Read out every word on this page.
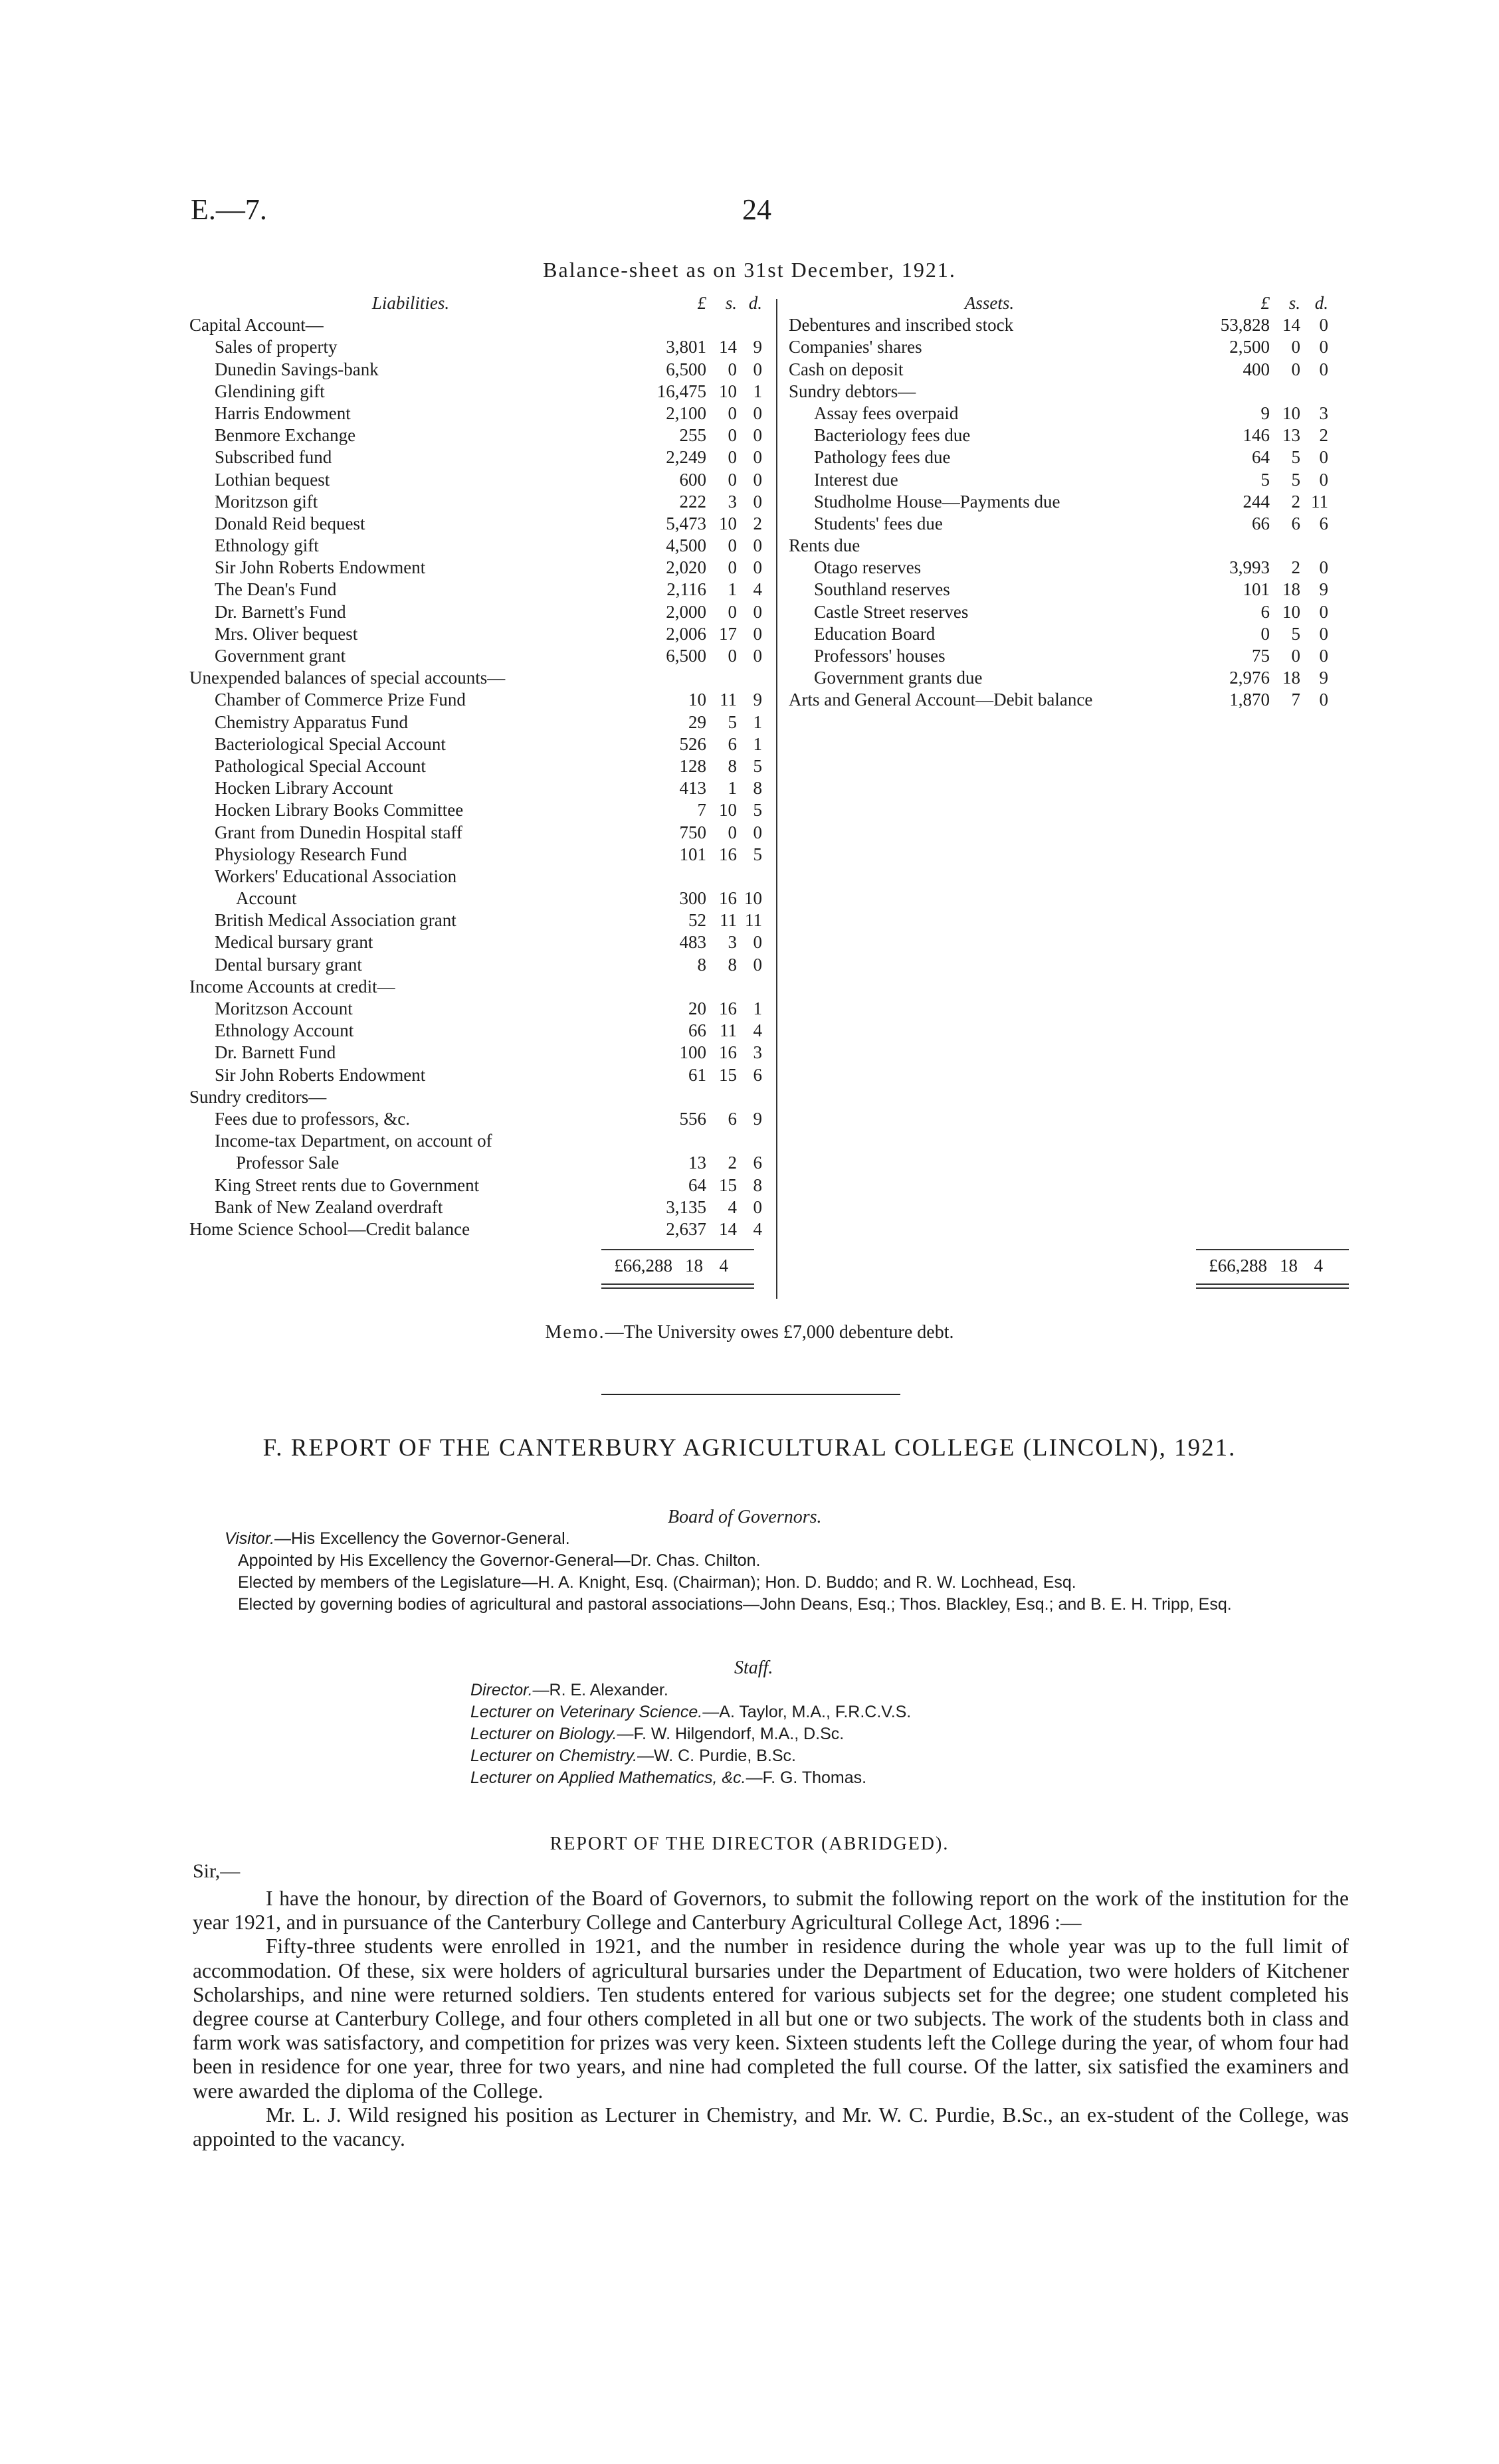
E.—7.	24
Balance-sheet as on 31st December, 1921.
Liabilities.	£	s. d.
Capital Account—
Sales of property	3,801 14 9
Dunedin Savings-bank	6,500	0 0
Glendining gift	16,475 10 1
Harris Endowment	2,100	0 0
Benmore Exchange	255	0 0
Subscribed fund	2,249	0 0
Lothian bequest	600	0 0
Moritzson gift	222	3 0
Donald Reid bequest	5,473 10 2
Ethnology gift	4,500	0 0
Sir John Roberts Endowment	2,020	0 0
The Dean's Fund	2,116	1 4
Dr. Barnett's Fund	2,000	0 0
Mrs. Oliver bequest	2,006 17 0
Government grant	6,500	0 0
Unexpended balances of special accounts—
Chamber of Commerce Prize Fund	10 11 9
Chemistry Apparatus Fund	29	5 1
Bacteriological Special Account	526	6 1
Pathological Special Account	128	8 5
Hocken Library Account	413	1 8
Hocken Library Books Committee	7 10 5
Grant from Dunedin Hospital staff	750	0 0
Physiology Research Fund	101 16 5
Workers' Educational Association
Account	300 16 10
British Medical Association grant	52 11 11
Medical bursary grant	483	3 0
Dental bursary grant	8	8 0
Income Accounts at credit—
Moritzson Account	20 16 1
Ethnology Account	66 11 4
Dr. Barnett Fund	100 16 3
Sir John Roberts Endowment	61 15 6
Sundry creditors—
Fees due to professors, &c.	556	6 9
Income-tax Department, on account of
Professor Sale	13	2 6
King Street rents due to Government	64 15 8
Bank of New Zealand overdraft	3,135	4 0
Home Science School—Credit balance	2,637 14 4
Assets.	£	s. d.
Debentures and inscribed stock	53,828 14	0
Companies' shares	2,500	0	0
Cash on deposit	400	0	0
Sundry debtors—
Assay fees overpaid	9 10	3
Bacteriology fees due	146 13	2
Pathology fees due	64	5	0
Interest due	5	5	0
Studholme House—Payments due	244	2 11
Students' fees due	66	6	6
Rents due
Otago reserves	3,993	2	0
Southland reserves	101 18	9
Castle Street reserves	6 10	0
Education Board	0	5	0
Professors' houses	75	0	0
Government grants due	2,976 18	9
Arts and General Account—Debit balance	1,870	7	0
£66,288 18 4	£66,288 18 4
Memo.—The University owes £7,000 debenture debt.
F. REPORT OF THE CANTERBURY AGRICULTURAL COLLEGE (LINCOLN), 1921.
Board of Governors.

Visitor.—His Excellency the Governor-General.

Appointed by His Excellency the Governor-General—Dr. Chas. Chilton.

Elected by members of the Legislature—H. A. Knight, Esq. (Chairman); Hon. D. Buddo; and R. W. Lochhead, Esq.

Elected by governing bodies of agricultural and pastoral associations—John Deans, Esq.; Thos. Blackley, Esq.; and B. E. H. Tripp, Esq.

Staff.
Director.—R. E. Alexander.
Lecturer on Veterinary Science.—A. Taylor, M.A., F.R.C.V.S.
Lecturer on Biology.—F. W. Hilgendorf, M.A., D.Sc.
Lecturer on Chemistry.—W. C. Purdie, B.Sc.
Lecturer on Applied Mathematics, &c.—F. G. Thomas.
REPORT OF THE DIRECTOR (ABRIDGED).
Sir,—

I have the honour, by direction of the Board of Governors, to submit the following report on the work of the institution for the year 1921, and in pursuance of the Canterbury College and Canterbury Agricultural College Act, 1896 :—

Fifty-three students were enrolled in 1921, and the number in residence during the whole year was up to the full limit of accommodation. Of these, six were holders of agricultural bursaries under the Department of Education, two were holders of Kitchener Scholarships, and nine were returned soldiers. Ten students entered for various subjects set for the degree; one student completed his degree course at Canterbury College, and four others completed in all but one or two subjects. The work of the students both in class and farm work was satisfactory, and competition for prizes was very keen. Sixteen students left the College during the year, of whom four had been in residence for one year, three for two years, and nine had completed the full course. Of the latter, six satisfied the examiners and were awarded the diploma of the College.

Mr. L. J. Wild resigned his position as Lecturer in Chemistry, and Mr. W. C. Purdie, B.Sc., an ex-student of the College, was appointed to the vacancy.
